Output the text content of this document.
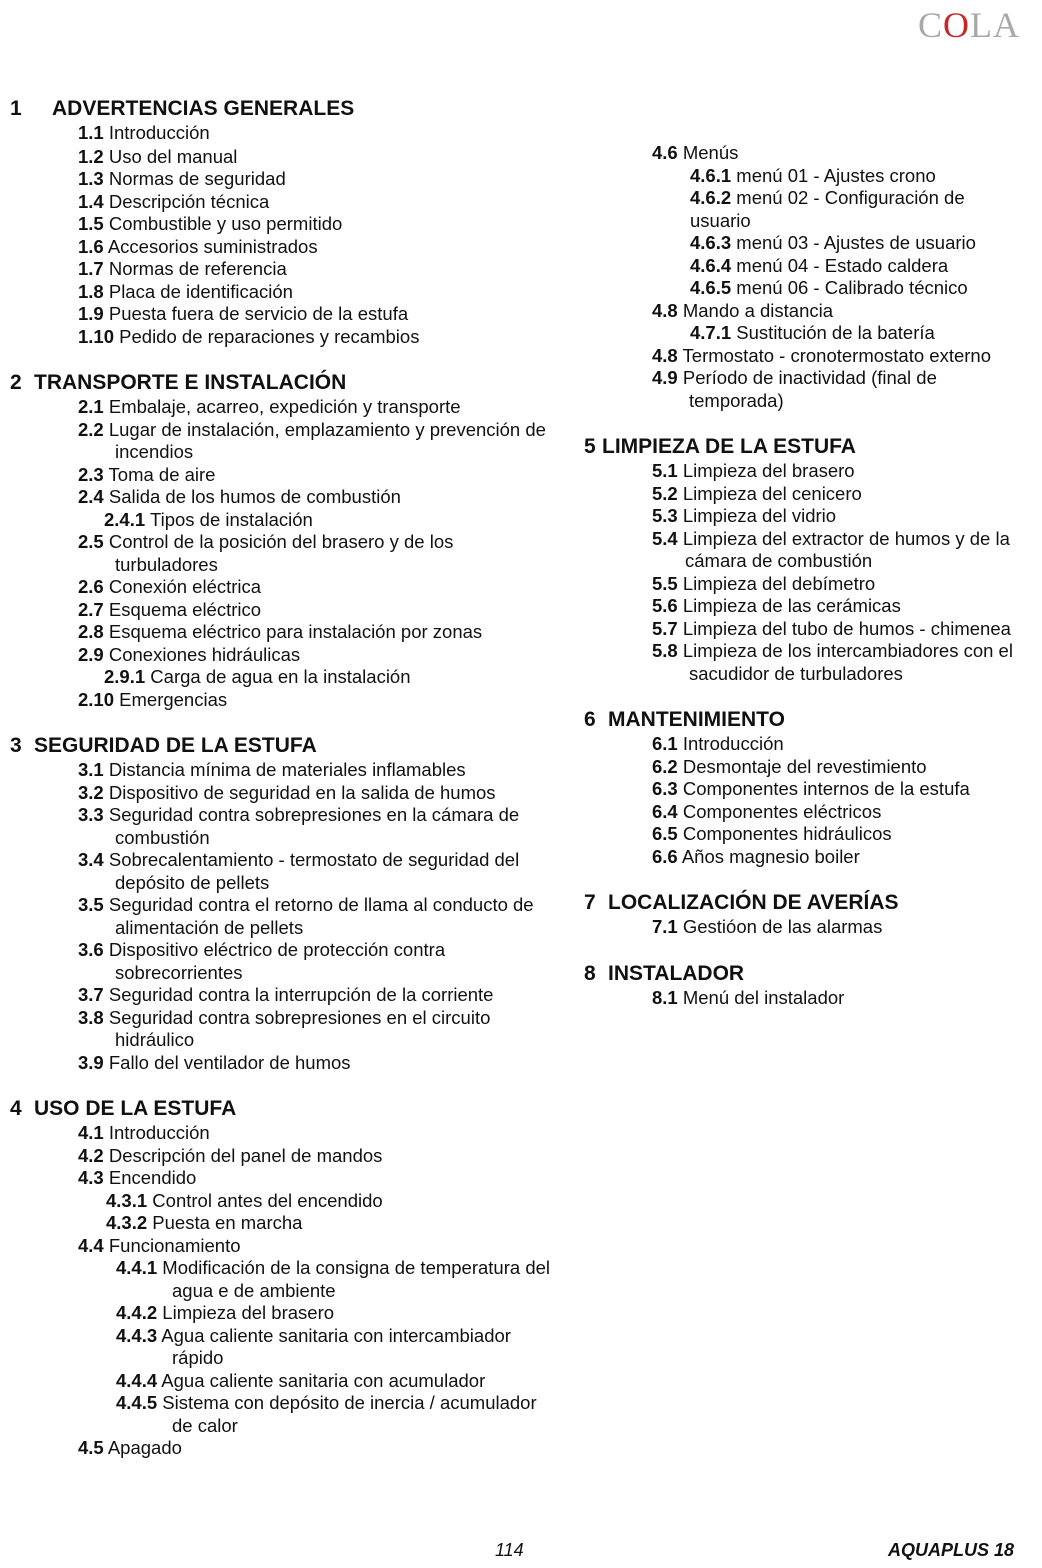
COLA
1 ADVERTENCIAS GENERALES
1.1 Introducción
1.2 Uso del manual
1.3 Normas de seguridad
1.4 Descripción técnica
1.5 Combustible y uso permitido
1.6 Accesorios suministrados
1.7 Normas de referencia
1.8 Placa de identificación
1.9 Puesta fuera de servicio de la estufa
1.10 Pedido de reparaciones y recambios
2 TRANSPORTE E INSTALACIÓN
2.1 Embalaje, acarreo, expedición y transporte
2.2 Lugar de instalación, emplazamiento y prevención de
incendios
2.3 Toma de aire
2.4 Salida de los humos de combustión
2.4.1 Tipos de instalación
2.5 Control de la posición del brasero y de los
turbuladores
2.6 Conexión eléctrica
2.7 Esquema eléctrico
2.8 Esquema eléctrico para instalación por zonas
2.9 Conexiones hidráulicas
2.9.1 Carga de agua en la instalación
2.10 Emergencias
3 SEGURIDAD DE LA ESTUFA
3.1 Distancia mínima de materiales inflamables
3.2 Dispositivo de seguridad en la salida de humos
3.3 Seguridad contra sobrepresiones en la cámara de
combustión
3.4 Sobrecalentamiento - termostato de seguridad del
depósito de pellets
3.5 Seguridad contra el retorno de llama al conducto de
alimentación de pellets
3.6 Dispositivo eléctrico de protección contra
sobrecorrientes
3.7 Seguridad contra la interrupción de la corriente
3.8 Seguridad contra sobrepresiones en el circuito
hidráulico
3.9 Fallo del ventilador de humos
4 USO DE LA ESTUFA
4.1 Introducción
4.2 Descripción del panel de mandos
4.3 Encendido
4.3.1 Control antes del encendido
4.3.2 Puesta en marcha
4.4 Funcionamiento
4.4.1 Modificación de la consigna de temperatura del
agua e de ambiente
4.4.2 Limpieza del brasero
4.4.3 Agua caliente sanitaria con intercambiador
rápido
4.4.4 Agua caliente sanitaria con acumulador
4.4.5 Sistema con depósito de inercia / acumulador
de calor
4.5 Apagado
4.6 Menús
4.6.1 menú 01 - Ajustes crono
4.6.2 menú 02 - Configuración de
usuario
4.6.3 menú 03 - Ajustes de usuario
4.6.4 menú 04 - Estado caldera
4.6.5 menú 06 - Calibrado técnico
4.8 Mando a distancia
4.7.1 Sustitución de la batería
4.8 Termostato - cronotermostato externo
4.9 Período de inactividad (final de
temporada)
5 LIMPIEZA DE LA ESTUFA
5.1 Limpieza del brasero
5.2 Limpieza del cenicero
5.3 Limpieza del vidrio
5.4 Limpieza del extractor de humos y de la
cámara de combustión
5.5 Limpieza del debímetro
5.6 Limpieza de las cerámicas
5.7 Limpieza del tubo de humos - chimenea
5.8 Limpieza de los intercambiadores con el
sacudidor de turbuladores
6 MANTENIMIENTO
6.1 Introducción
6.2 Desmontaje del revestimiento
6.3 Componentes internos de la estufa
6.4 Componentes eléctricos
6.5 Componentes hidráulicos
6.6 Años magnesio boiler
7 LOCALIZACIÓN DE AVERÍAS
7.1 Gestióon de las alarmas
8 INSTALADOR
8.1 Menú del instalador
114	AQUAPLUS 18
